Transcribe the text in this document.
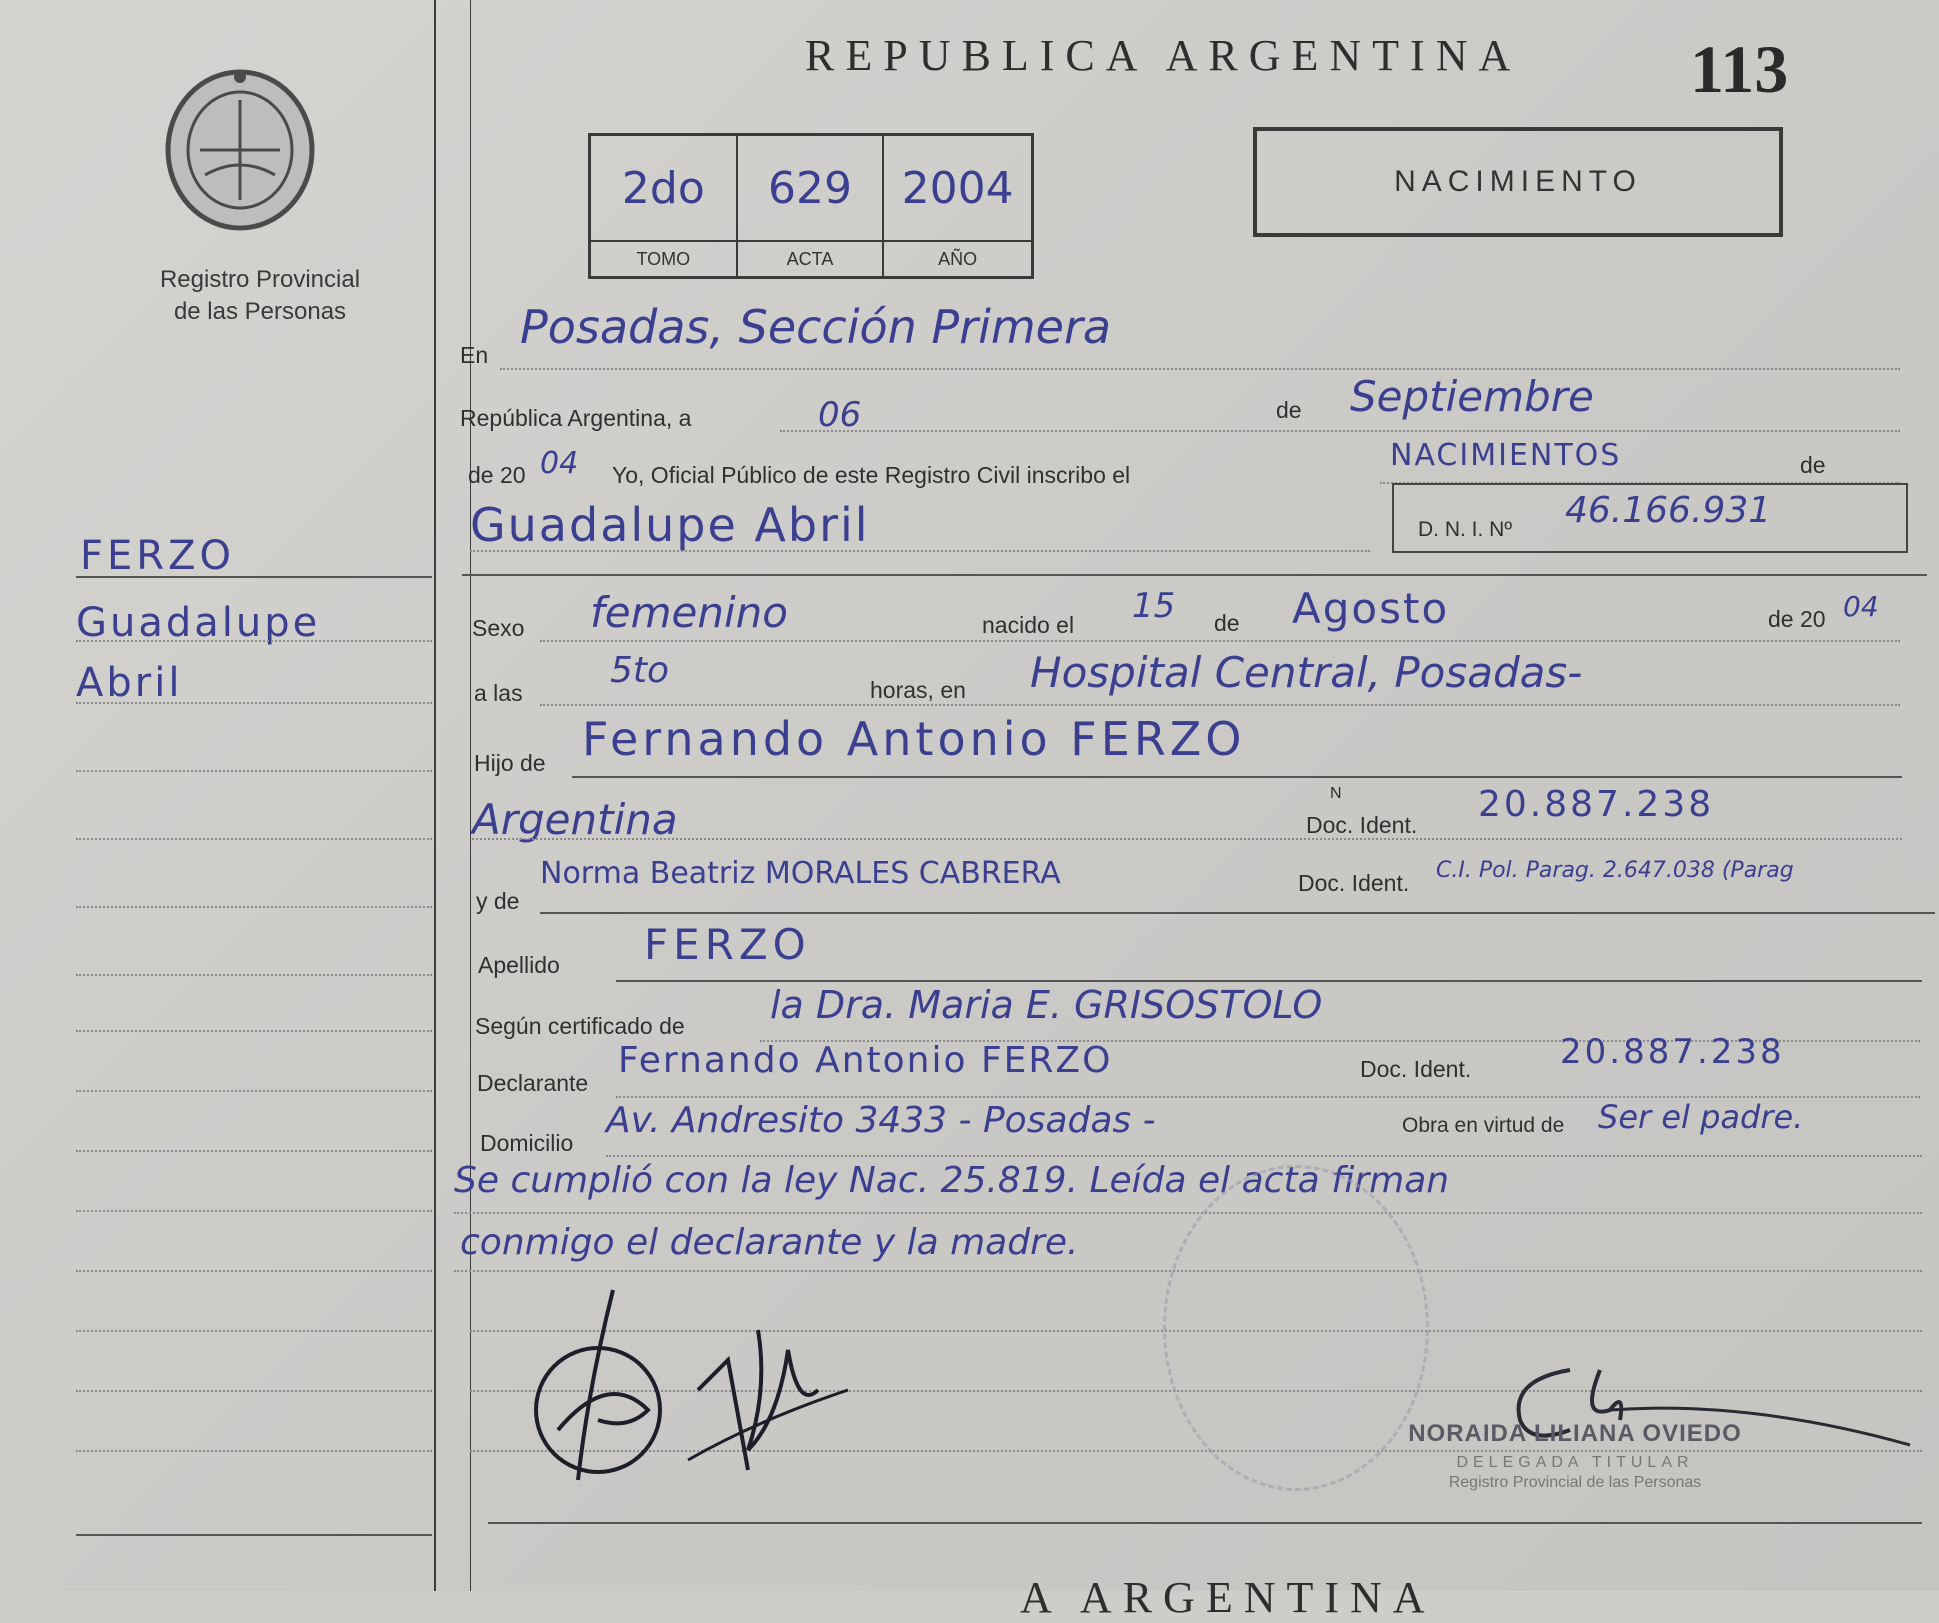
Registro Provincial
de las Personas
FERZO
Guadalupe
Abril
REPUBLICA ARGENTINA 113
2do	629	2004
TOMO	ACTA	AÑO
NACIMIENTO
En
Posadas, Sección Primera
República Argentina, a	06	de Septiembre
de 20 04 Yo, Oficial Público de este Registro Civil inscribo el
NACIMIENTOS	de
Guadalupe Abril	D. N. I. Nº 46.166.931
Sexo femenino	nacido el 15 de Agosto	de 20 04
a las
5to	horas, en Hospital Central, Posadas-
Hijo de Fernando Antonio FERZO
Argentina	Doc. Ident.
N	20.887.238
y de
Norma Beatriz MORALES CABRERA	Doc. Ident. C.I. Pol. Parag. 2.647.038 (Parag
Apellido FERZO
Según certificado de la Dra. Maria E. GRISOSTOLO
Declarante
Fernando Antonio FERZO	Doc. Ident.	20.887.238
Domicilio
Av. Andresito 3433 - Posadas -	Obra en virtud de Ser el padre.
Se cumplió con la ley Nac. 25.819. Leída el acta firman
conmigo el declarante y la madre.
NORAIDA LILIANA OVIEDO
DELEGADA TITULAR
Registro Provincial de las Personas
A ARGENTINA
